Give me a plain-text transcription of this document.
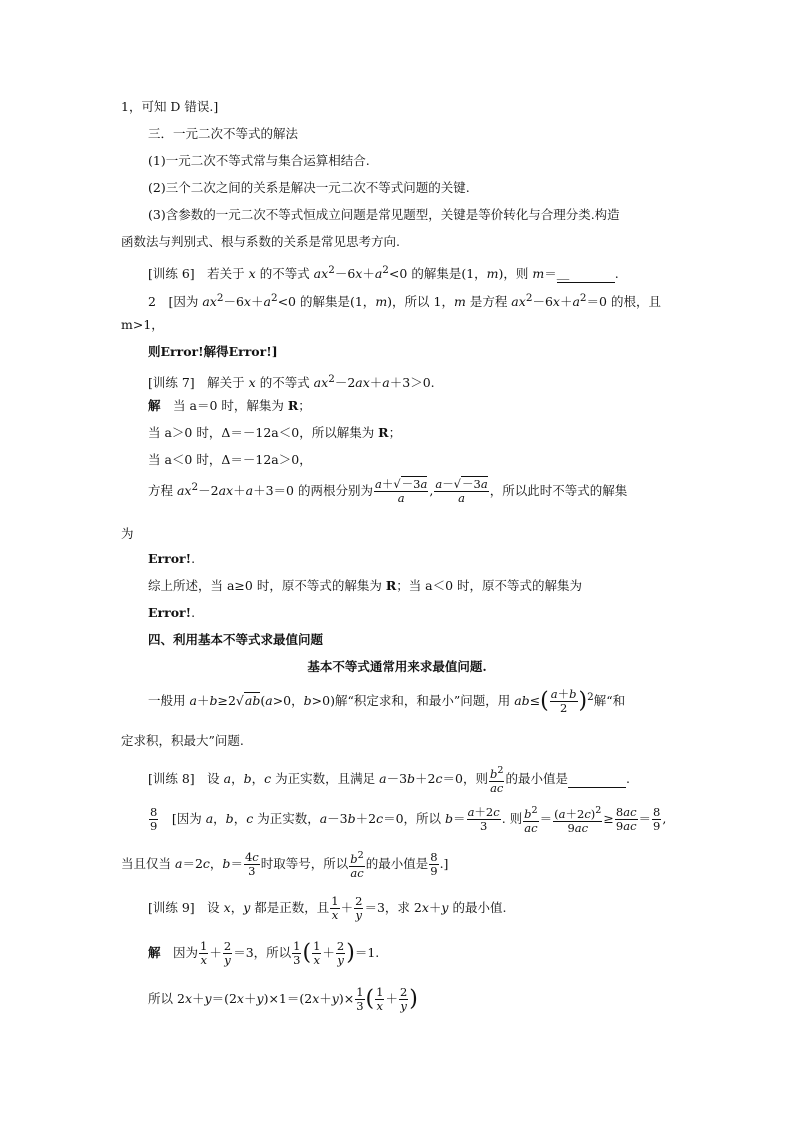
1，可知 D 错误.]
三．一元二次不等式的解法
(1)一元二次不等式常与集合运算相结合.
(2)三个二次之间的关系是解决一元二次不等式问题的关键.
(3)含参数的一元二次不等式恒成立问题是常见题型，关键是等价转化与合理分类.构造
函数法与判别式、根与系数的关系是常见思考方向.
[训练 6]　若关于 x 的不等式 $ax^2-6x+a^2<0$ 的解集是(1，m)，则 m＝＿	.
2　[因为 $ax^2-6x+a^2<0$ 的解集是(1，m)，所以 1，m 是方程 $ax^2-6x+a^2=0$ 的根，且
m>1，
则Error!解得Error!]
[训练 7]　解关于 x 的不等式 $ax^2-2ax+a+3>0$.
解　当 a＝0 时，解集为 R；
当 a＞0 时，Δ＝－12a＜0，所以解集为 R；
当 a＜0 时，Δ＝－12a＞0，
方程 $ax^2-2ax+a+3=0$ 的两根分别为 $\frac{a+√-3a}{a}$ , $\frac{a-√-3a}{a}$ ，所以此时不等式的解集
为
Error!.
综上所述，当 a≥0 时，原不等式的解集为 R；当 a＜0 时，原不等式的解集为
Error!.
四、利用基本不等式求最值问题
基本不等式通常用来求最值问题.
一般用 a＋b≥2√ab(a>0，b>0)解“积定求和，和最小”问题，用 $ab\le( \frac{a+b}{2} )^2$解“和
定求积，积最大”问题.
[训练 8]　设 a，b，c 为正实数，且满足 a－3b＋2c＝0，则 $\frac{b^2}{ac}$ 的最小值是	.
$\frac{8}{9}$
　 [因为 a，b，c 为正实数，a－3b＋2c＝0，所以 $b= \frac{a+2c}{3}$ . 则 $\frac{b^2}{ac} = \frac{(a+2c)^2}{9ac} \ge \frac{8ac}{9ac} = \frac{8}{9}$ ,
当且仅当 a＝2c，$b= \frac{4c}{3}$ 时取等号，所以 $\frac{b^2}{ac}$ 的最小值是 $\frac{8}{9}$ .]
[训练 9]　设 x，y 都是正数，且 $\frac{1}{x} + \frac{2}{y} =3$，求 2x＋y 的最小值.
解　因为 $\frac{1}{x} + \frac{2}{y} =3$，所以 $\frac{1}{3}$ ( $\frac{1}{x} + \frac{2}{y} )=1$.
所以 $2x+y=(2x+y)\times 1=(2x+y)\times \frac{1}{3}$ ( $\frac{1}{x} + \frac{2}{y}$ )
